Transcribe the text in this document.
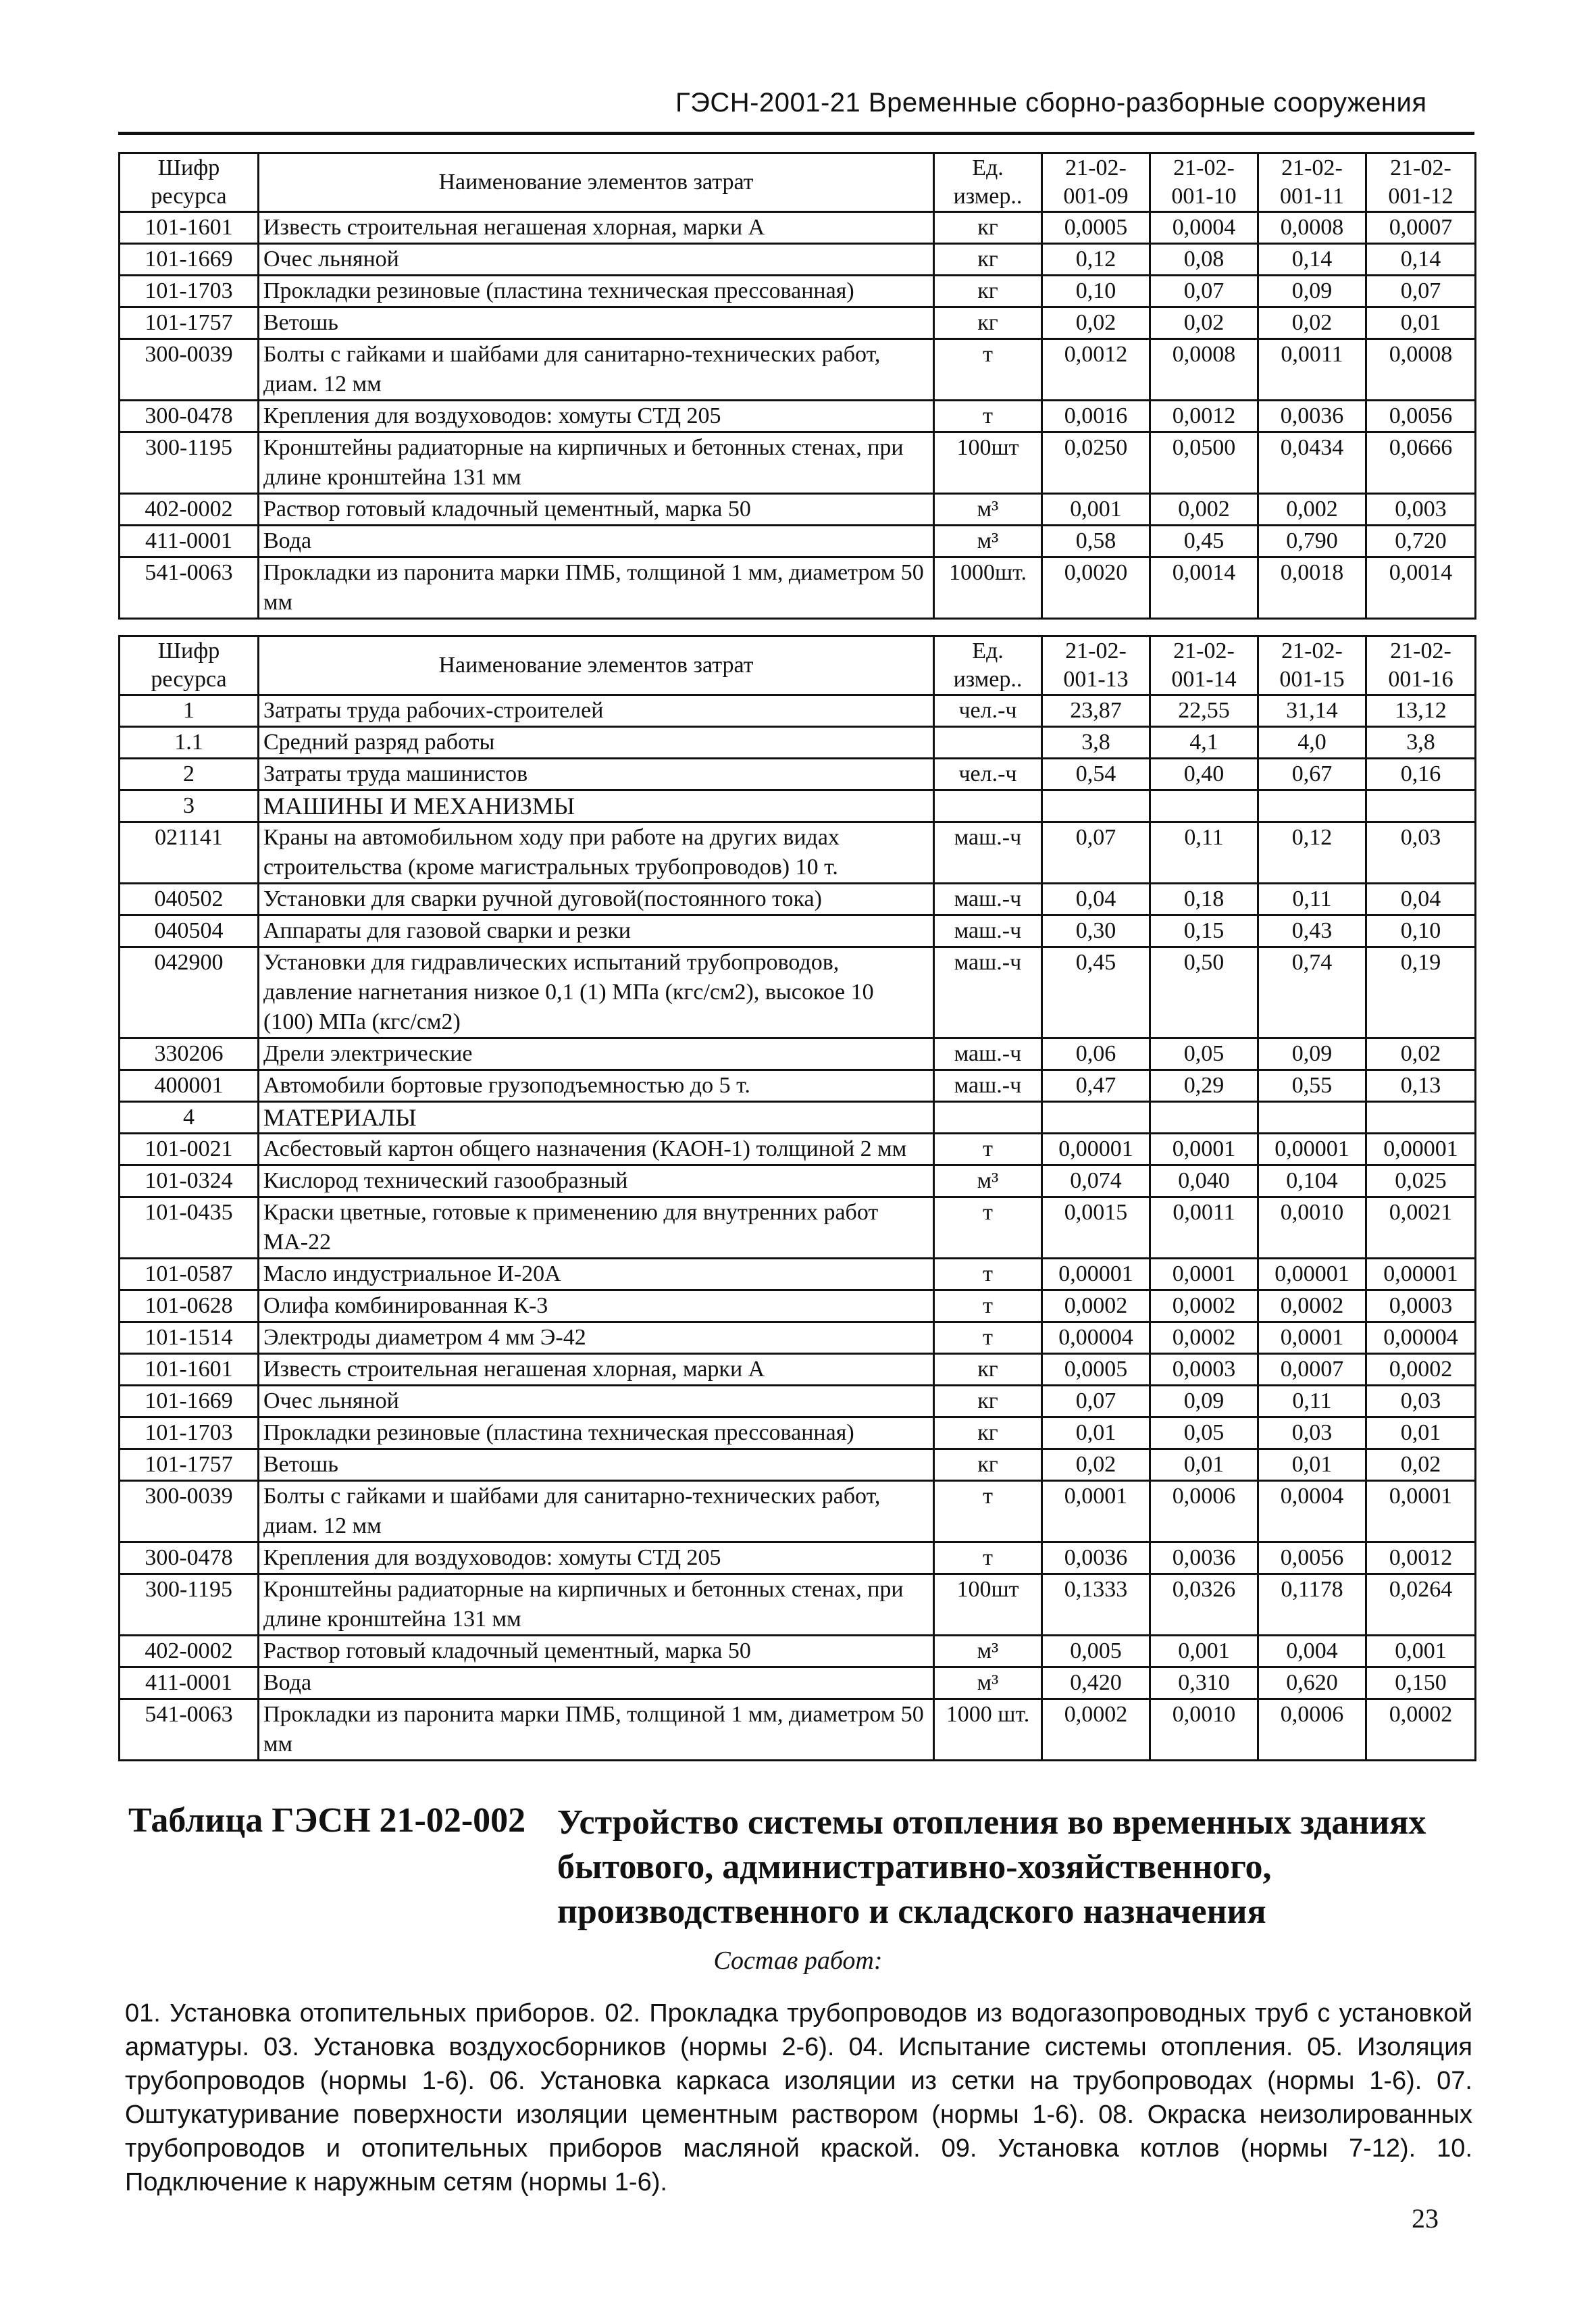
ГЭСН-2001-21 Временные сборно-разборные сооружения
Шифр ресурса	Наименование элементов затрат	Ед. измер..	21-02-001-09	21-02-001-10	21-02-001-11	21-02-001-12
101-1601	Известь строительная негашеная хлорная, марки А	кг	0,0005	0,0004	0,0008	0,0007
101-1669	Очес льняной	кг	0,12	0,08	0,14	0,14
101-1703	Прокладки резиновые (пластина техническая прессованная)	кг	0,10	0,07	0,09	0,07
101-1757	Ветошь	кг	0,02	0,02	0,02	0,01
300-0039	Болты с гайками и шайбами для санитарно-технических работ, диам. 12 мм	т	0,0012	0,0008	0,0011	0,0008
300-0478	Крепления для воздуховодов: хомуты СТД 205	т	0,0016	0,0012	0,0036	0,0056
300-1195	Кронштейны радиаторные на кирпичных и бетонных стенах, при длине кронштейна 131 мм	100шт	0,0250	0,0500	0,0434	0,0666
402-0002	Раствор готовый кладочный цементный, марка 50	м³	0,001	0,002	0,002	0,003
411-0001	Вода	м³	0,58	0,45	0,790	0,720
541-0063	Прокладки из паронита марки ПМБ, толщиной 1 мм, диаметром 50 мм	1000шт.	0,0020	0,0014	0,0018	0,0014
Шифр ресурса	Наименование элементов затрат	Ед. измер..	21-02-001-13	21-02-001-14	21-02-001-15	21-02-001-16
1	Затраты труда рабочих-строителей	чел.-ч	23,87	22,55	31,14	13,12
1.1	Средний разряд работы		3,8	4,1	4,0	3,8
2	Затраты труда машинистов	чел.-ч	0,54	0,40	0,67	0,16
3	МАШИНЫ И МЕХАНИЗМЫ					
021141	Краны на автомобильном ходу при работе на других видах строительства (кроме магистральных трубопроводов) 10 т.	маш.-ч	0,07	0,11	0,12	0,03
040502	Установки для сварки ручной дуговой(постоянного тока)	маш.-ч	0,04	0,18	0,11	0,04
040504	Аппараты для газовой сварки и резки	маш.-ч	0,30	0,15	0,43	0,10
042900	Установки для гидравлических испытаний трубопроводов, давление нагнетания низкое 0,1 (1) МПа (кгс/см2), высокое 10 (100) МПа (кгс/см2)	маш.-ч	0,45	0,50	0,74	0,19
330206	Дрели электрические	маш.-ч	0,06	0,05	0,09	0,02
400001	Автомобили бортовые грузоподъемностью до 5 т.	маш.-ч	0,47	0,29	0,55	0,13
4	МАТЕРИАЛЫ					
101-0021	Асбестовый картон общего назначения (КАОН-1) толщиной 2 мм	т	0,00001	0,0001	0,00001	0,00001
101-0324	Кислород технический газообразный	м³	0,074	0,040	0,104	0,025
101-0435	Краски цветные, готовые к применению для внутренних работ МА-22	т	0,0015	0,0011	0,0010	0,0021
101-0587	Масло индустриальное И-20А	т	0,00001	0,0001	0,00001	0,00001
101-0628	Олифа комбинированная К-3	т	0,0002	0,0002	0,0002	0,0003
101-1514	Электроды диаметром 4 мм Э-42	т	0,00004	0,0002	0,0001	0,00004
101-1601	Известь строительная негашеная хлорная, марки А	кг	0,0005	0,0003	0,0007	0,0002
101-1669	Очес льняной	кг	0,07	0,09	0,11	0,03
101-1703	Прокладки резиновые (пластина техническая прессованная)	кг	0,01	0,05	0,03	0,01
101-1757	Ветошь	кг	0,02	0,01	0,01	0,02
300-0039	Болты с гайками и шайбами для санитарно-технических работ, диам. 12 мм	т	0,0001	0,0006	0,0004	0,0001
300-0478	Крепления для воздуховодов: хомуты СТД 205	т	0,0036	0,0036	0,0056	0,0012
300-1195	Кронштейны радиаторные на кирпичных и бетонных стенах, при длине кронштейна 131 мм	100шт	0,1333	0,0326	0,1178	0,0264
402-0002	Раствор готовый кладочный цементный, марка 50	м³	0,005	0,001	0,004	0,001
411-0001	Вода	м³	0,420	0,310	0,620	0,150
541-0063	Прокладки из паронита марки ПМБ, толщиной 1 мм, диаметром 50 мм	1000 шт.	0,0002	0,0010	0,0006	0,0002
Таблица ГЭСН 21-02-002 Устройство системы отопления во временных зданиях бытового, административно-хозяйственного, производственного и складского назначения
Состав работ:
01. Установка отопительных приборов. 02. Прокладка трубопроводов из водогазопроводных труб с установкой арматуры. 03. Установка воздухосборников (нормы 2-6). 04. Испытание системы отопления. 05. Изоляция трубопроводов (нормы 1-6). 06. Установка каркаса изоляции из сетки на трубопроводах (нормы 1-6). 07. Оштукатуривание поверхности изоляции цементным раствором (нормы 1-6). 08. Окраска неизолированных трубопроводов и отопительных приборов масляной краской. 09. Установка котлов (нормы 7-12). 10. Подключение к наружным сетям (нормы 1-6).
23
